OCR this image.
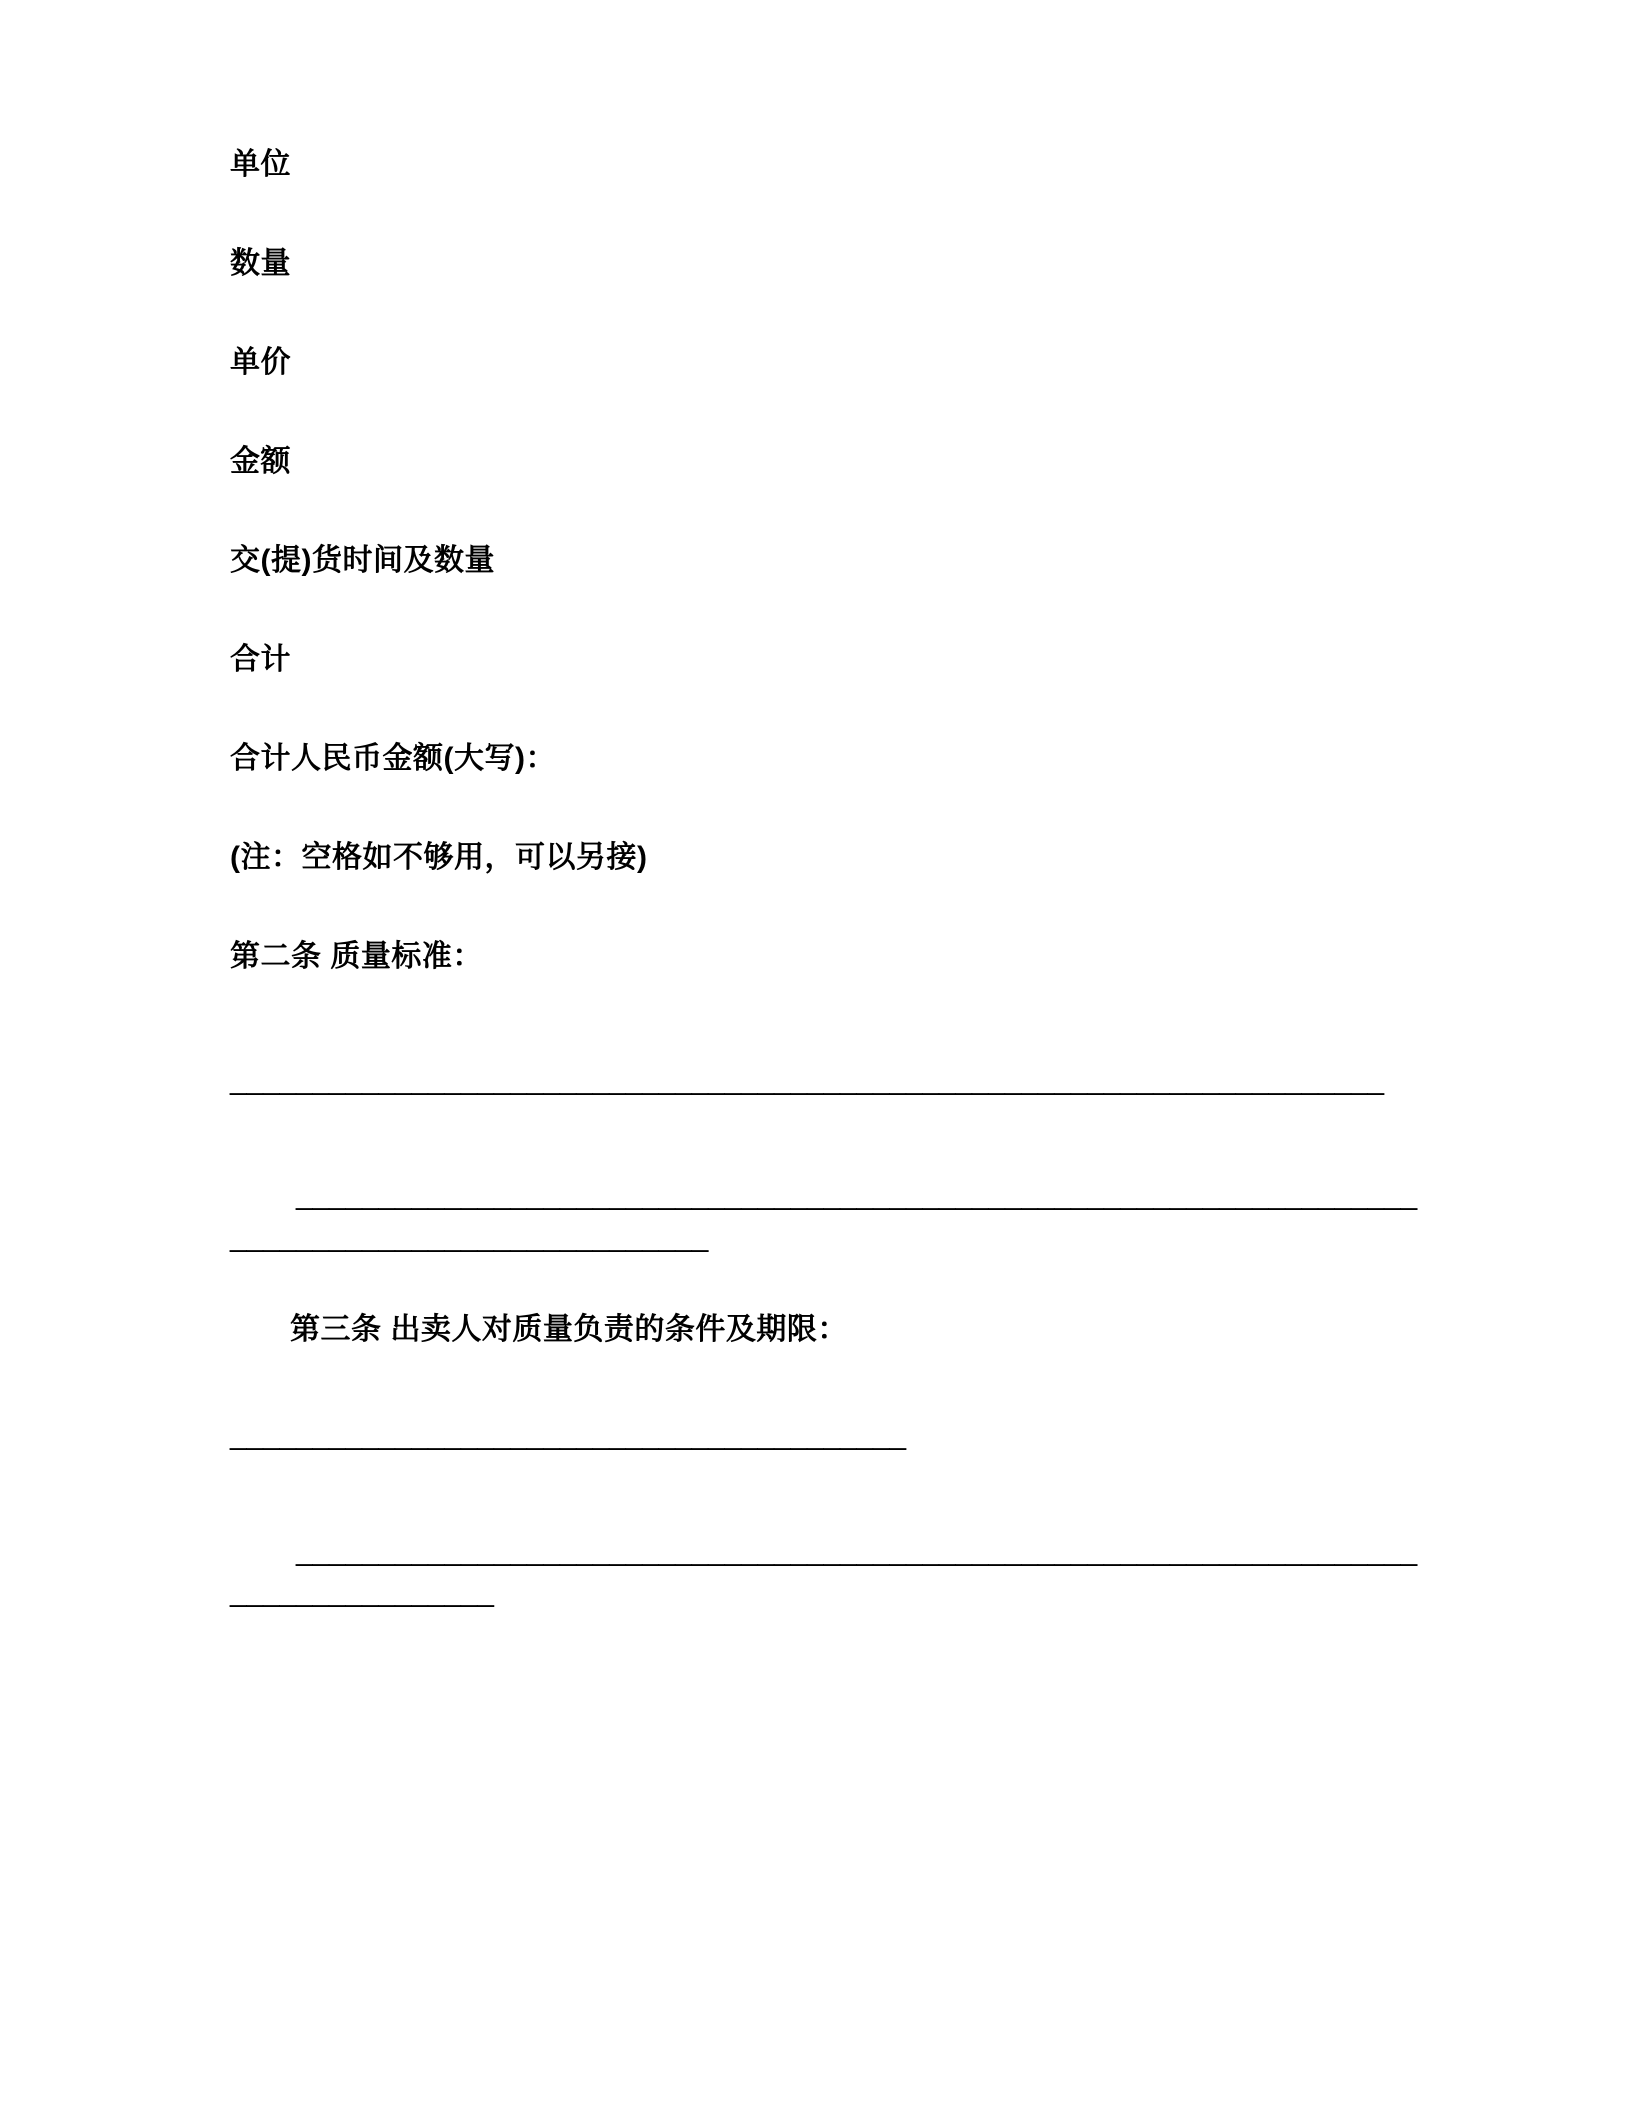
单位

数量

单价

金额

交(提)货时间及数量

合计

合计人民币金额(大写)：

(注：空格如不够用，可以另接)

第二条 质量标准：

______________________________________________________________________

_________________________________________________________________________________________________

第三条 出卖人对质量负责的条件及期限：

_________________________________________

____________________________________________________________________________________
